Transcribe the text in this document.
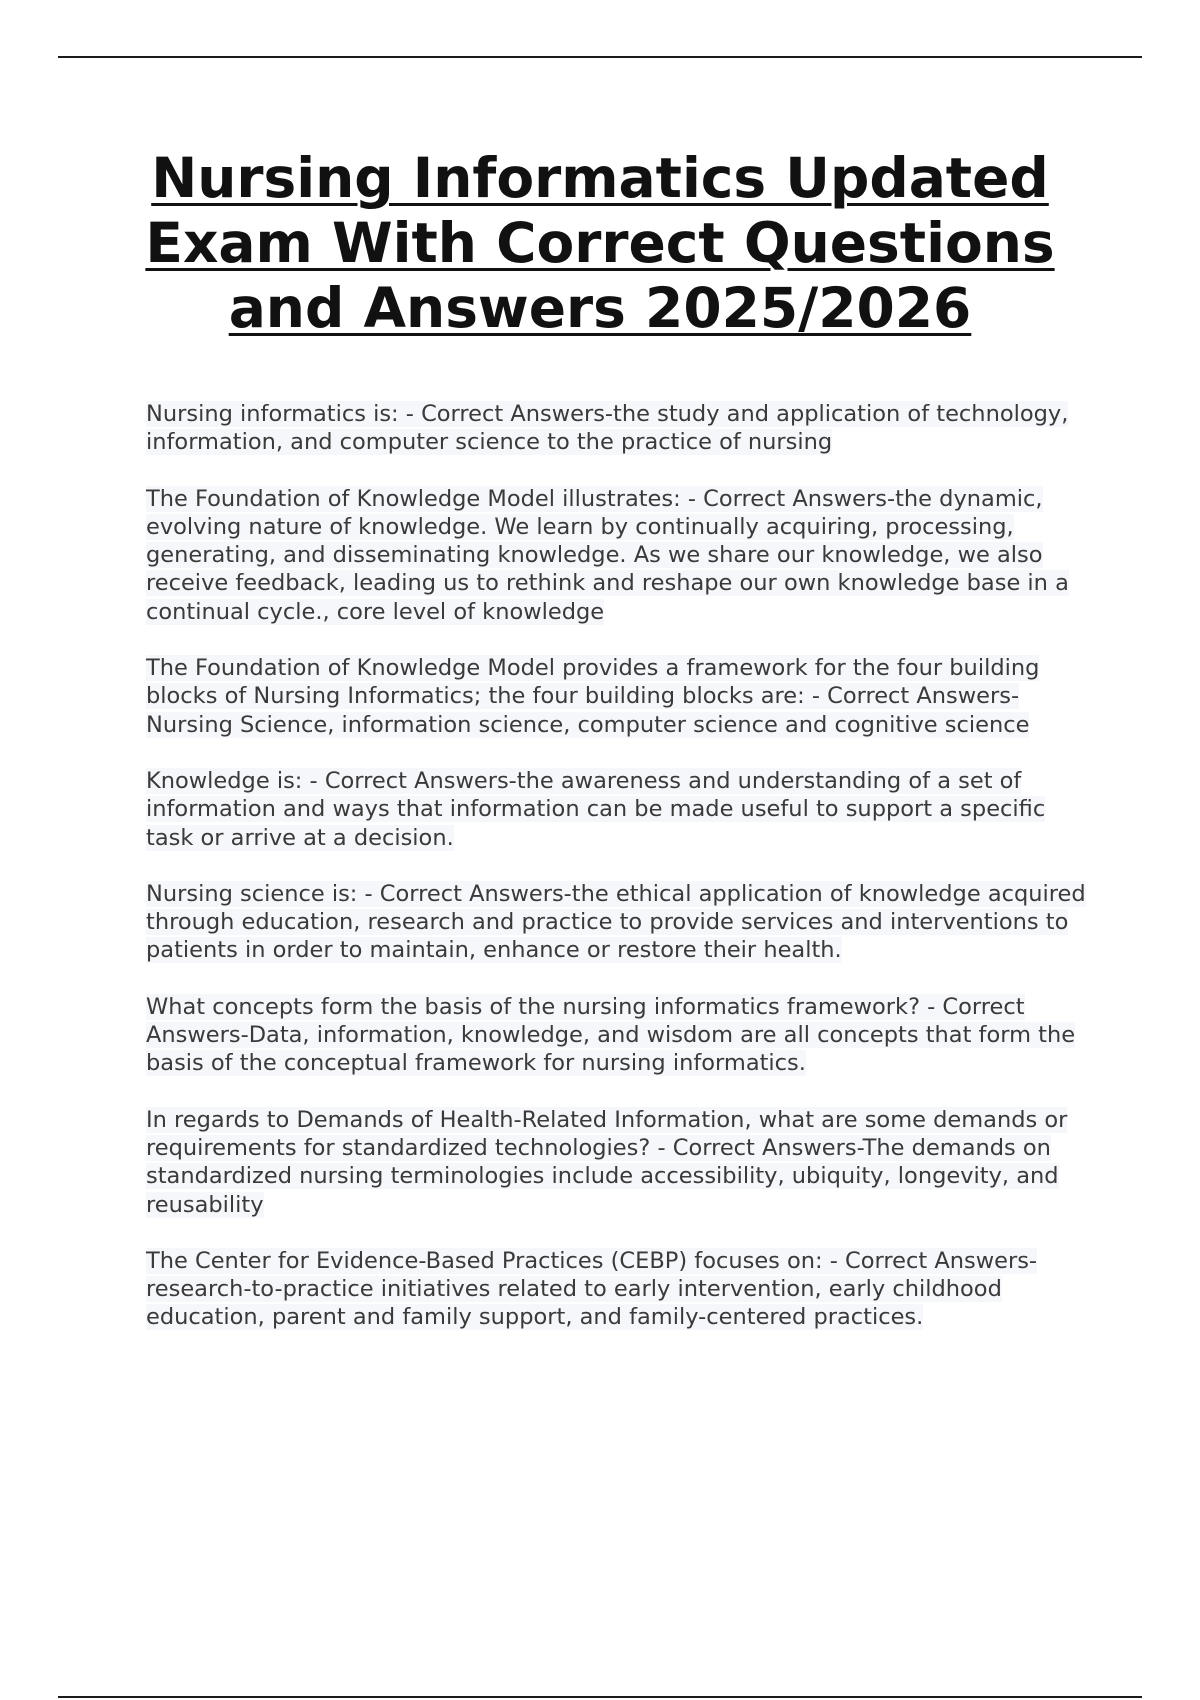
Nursing Informatics Updated Exam With Correct Questions and Answers 2025/2026
Nursing informatics is: - Correct Answers-the study and application of technology, information, and computer science to the practice of nursing
The Foundation of Knowledge Model illustrates: - Correct Answers-the dynamic, evolving nature of knowledge. We learn by continually acquiring, processing, generating, and disseminating knowledge. As we share our knowledge, we also receive feedback, leading us to rethink and reshape our own knowledge base in a continual cycle., core level of knowledge
The Foundation of Knowledge Model provides a framework for the four building blocks of Nursing Informatics; the four building blocks are: - Correct Answers-Nursing Science, information science, computer science and cognitive science
Knowledge is: - Correct Answers-the awareness and understanding of a set of information and ways that information can be made useful to support a specific task or arrive at a decision.
Nursing science is: - Correct Answers-the ethical application of knowledge acquired through education, research and practice to provide services and interventions to patients in order to maintain, enhance or restore their health.
What concepts form the basis of the nursing informatics framework? - Correct Answers-Data, information, knowledge, and wisdom are all concepts that form the basis of the conceptual framework for nursing informatics.
In regards to Demands of Health-Related Information, what are some demands or requirements for standardized technologies? - Correct Answers-The demands on standardized nursing terminologies include accessibility, ubiquity, longevity, and reusability
The Center for Evidence-Based Practices (CEBP) focuses on: - Correct Answers-research-to-practice initiatives related to early intervention, early childhood education, parent and family support, and family-centered practices.
